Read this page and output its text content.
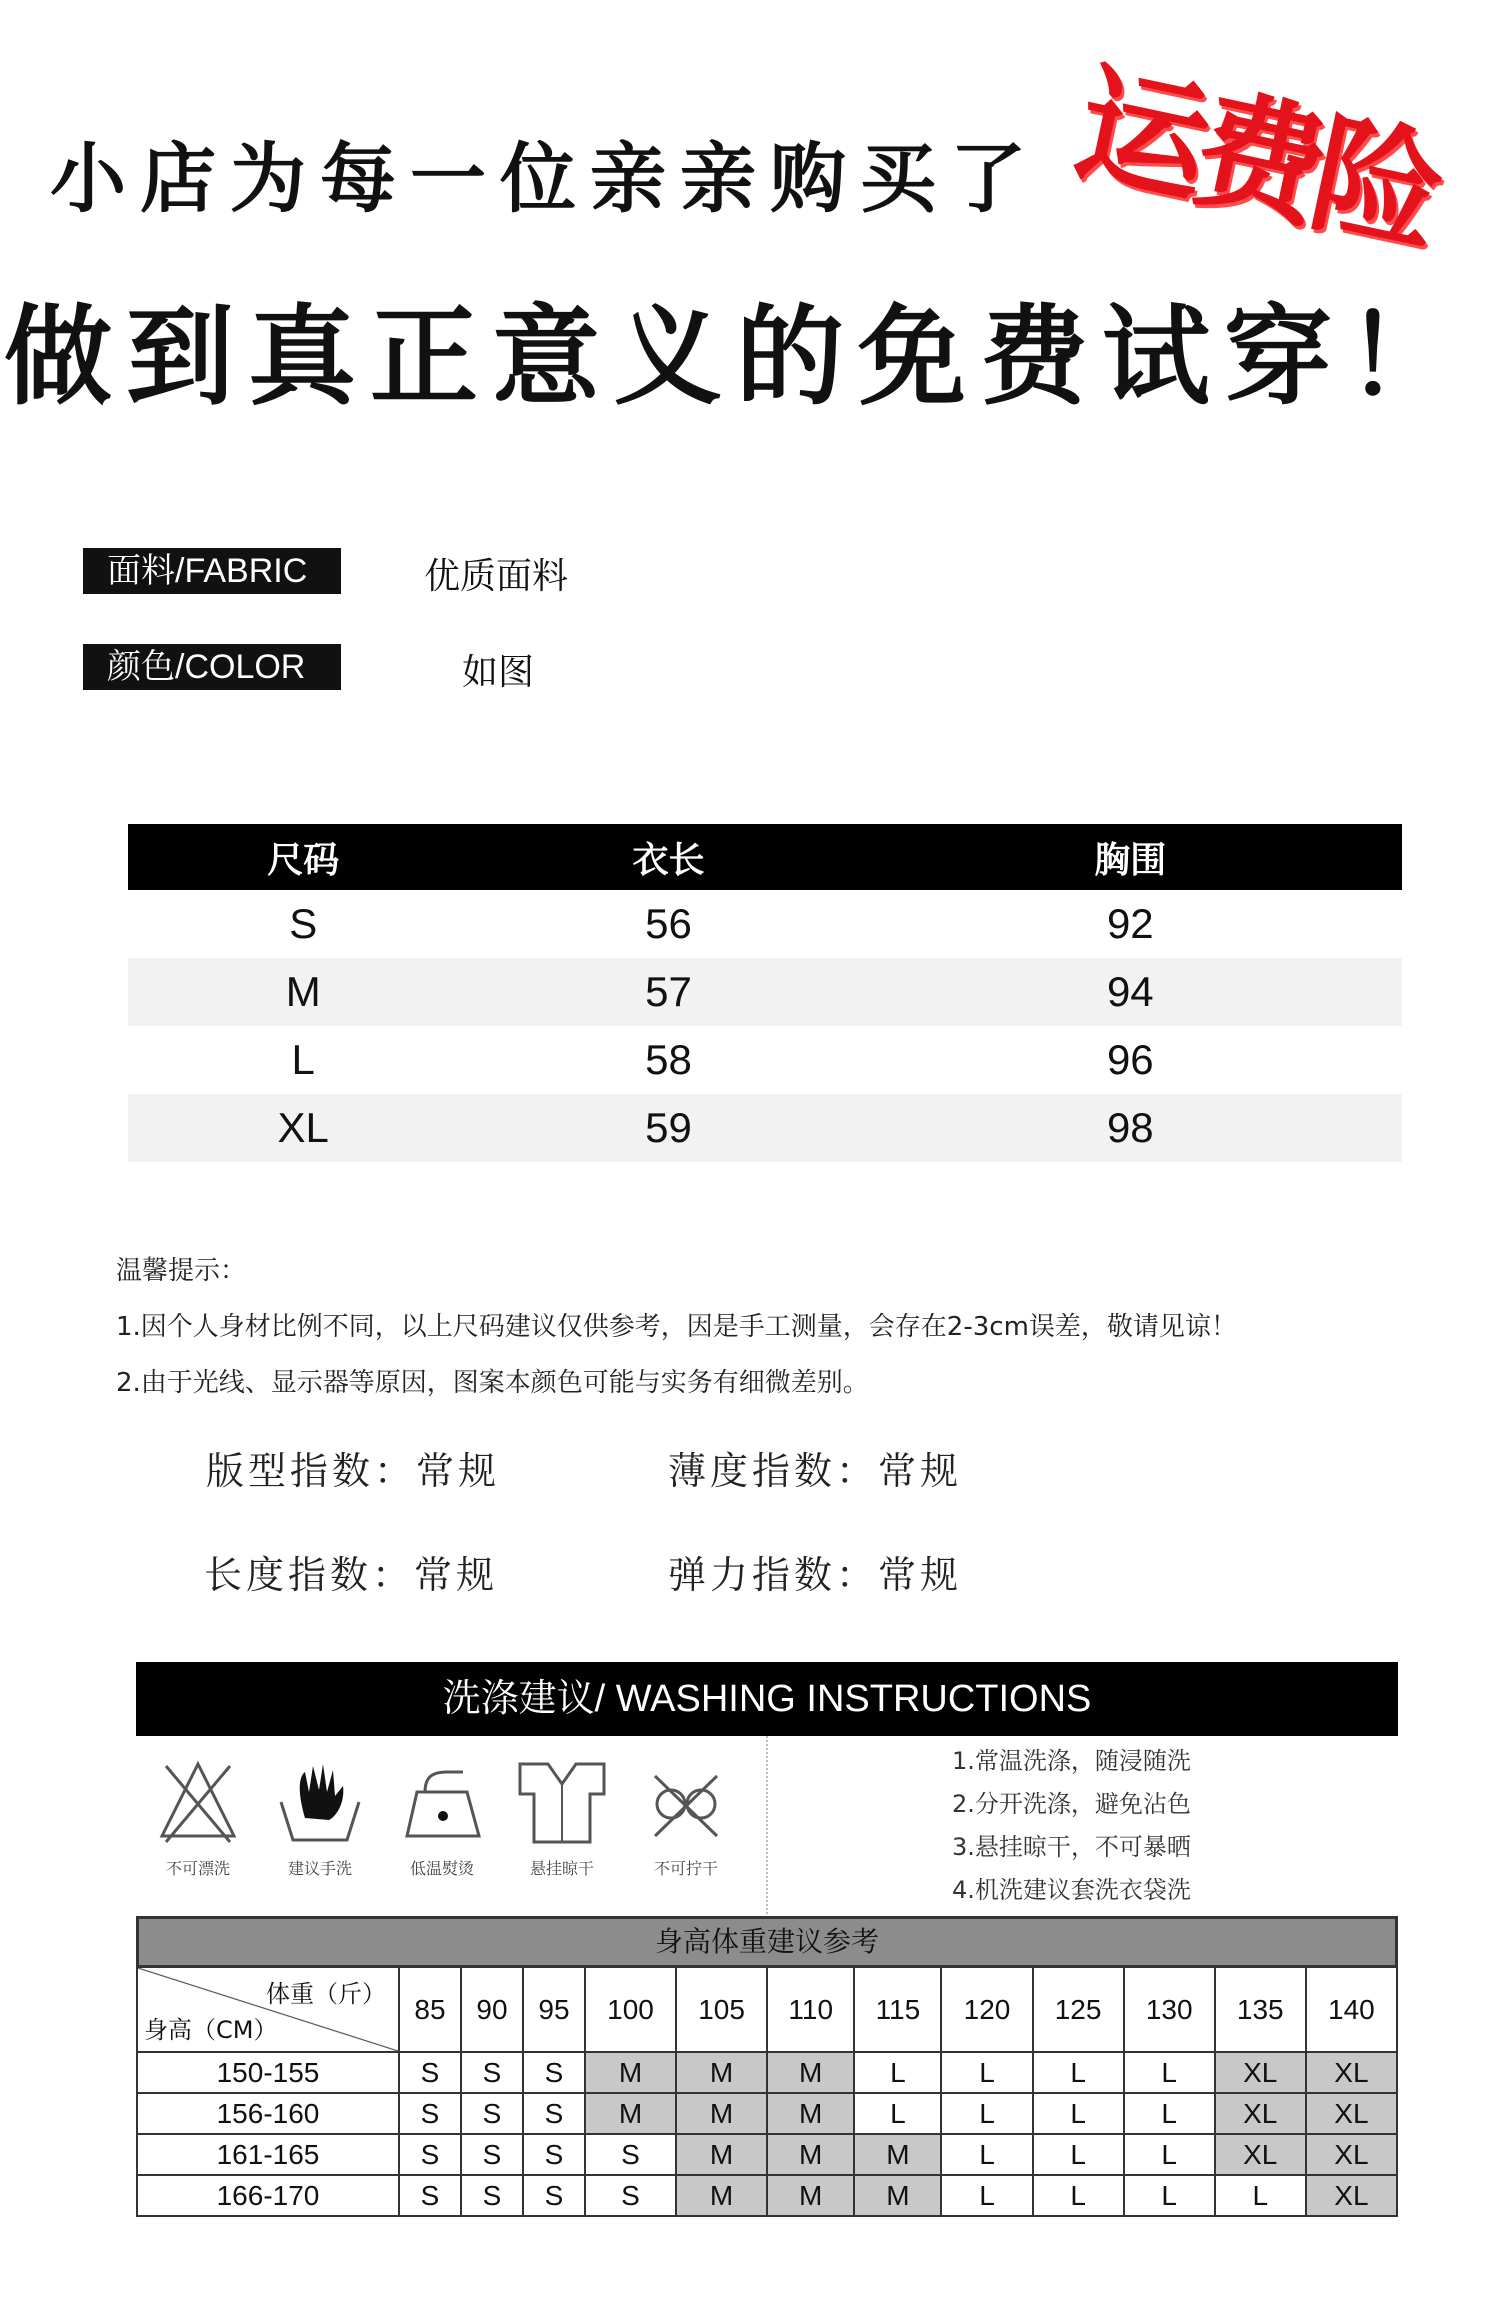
小店为每一位亲亲购买了 运费险
做到真正意义的免费试穿！
面料/FABRIC	优质面料
颜色/COLOR	如图
尺码	衣长	胸围
S	56	92
M	57	94
L	58	96
XL	59	98
温馨提示：
1.因个人身材比例不同，以上尺码建议仅供参考，因是手工测量，会存在2-3cm误差，敬请见谅！
2.由于光线、显示器等原因，图案本颜色可能与实务有细微差别。
版型指数：常规	薄度指数：常规
长度指数：常规	弹力指数：常规
洗涤建议/ WASHING INSTRUCTIONS
不可漂洗	建议手洗	低温熨烫	悬挂晾干	不可拧干
1.常温洗涤，随浸随洗
2.分开洗涤，避免沾色
3.悬挂晾干，不可暴晒
4.机洗建议套洗衣袋洗
身高体重建议参考
体重（斤）
身高（CM）	85	90	95	100	105	110	115	120	125	130	135	140
150-155	S	S	S	M	M	M	L	L	L	L	XL	XL
156-160	S	S	S	M	M	M	L	L	L	L	XL	XL
161-165	S	S	S	S	M	M	M	L	L	L	XL	XL
166-170	S	S	S	S	M	M	M	L	L	L	L	XL
